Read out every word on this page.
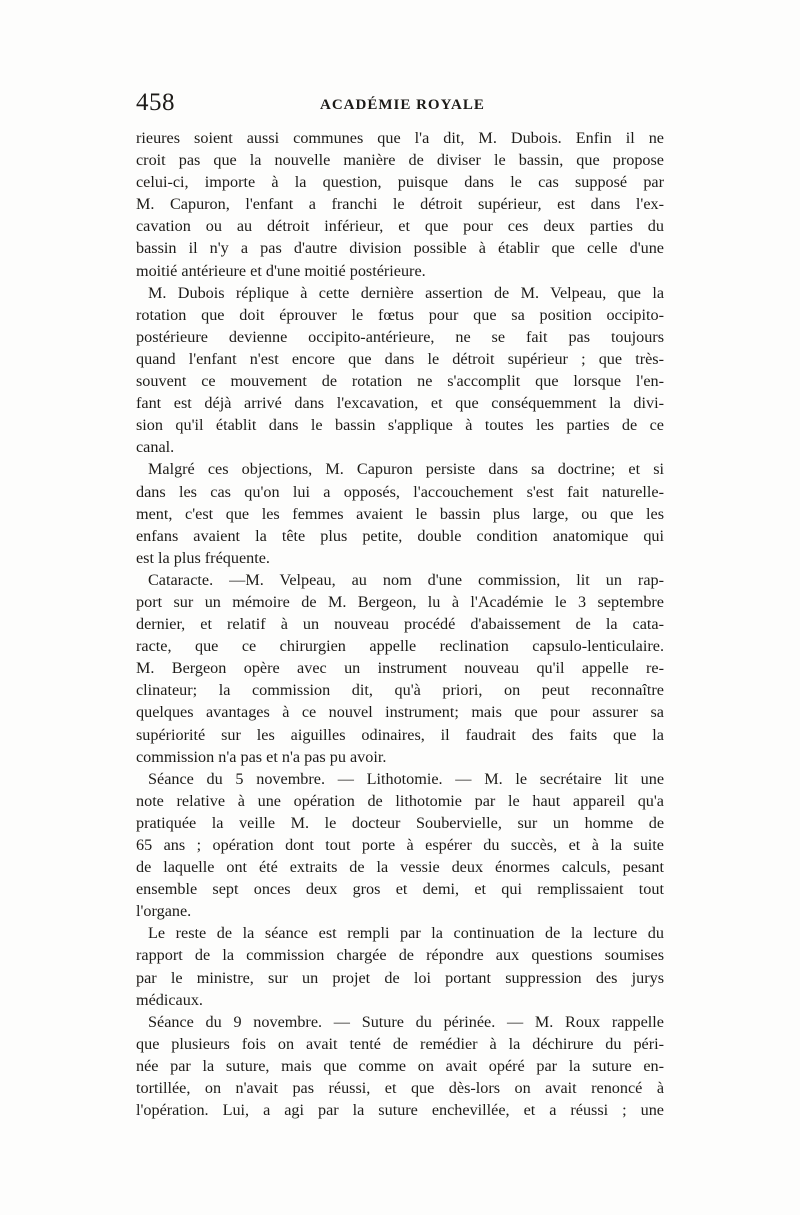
458	ACADÉMIE ROYALE
rieures soient aussi communes que l'a dit, M. Dubois. Enfin il ne
croit pas que la nouvelle manière de diviser le bassin, que propose
celui-ci, importe à la question, puisque dans le cas supposé par
M. Capuron, l'enfant a franchi le détroit supérieur, est dans l'ex-
cavation ou au détroit inférieur, et que pour ces deux parties du
bassin il n'y a pas d'autre division possible à établir que celle d'une
moitié antérieure et d'une moitié postérieure.
M. Dubois réplique à cette dernière assertion de M. Velpeau, que la
rotation que doit éprouver le fœtus pour que sa position occipito-
postérieure devienne occipito-antérieure, ne se fait pas toujours
quand l'enfant n'est encore que dans le détroit supérieur ; que très-
souvent ce mouvement de rotation ne s'accomplit que lorsque l'en-
fant est déjà arrivé dans l'excavation, et que conséquemment la divi-
sion qu'il établit dans le bassin s'applique à toutes les parties de ce
canal.
Malgré ces objections, M. Capuron persiste dans sa doctrine; et si
dans les cas qu'on lui a opposés, l'accouchement s'est fait naturelle-
ment, c'est que les femmes avaient le bassin plus large, ou que les
enfans avaient la tête plus petite, double condition anatomique qui
est la plus fréquente.
Cataracte. —M. Velpeau, au nom d'une commission, lit un rap-
port sur un mémoire de M. Bergeon, lu à l'Académie le 3 septembre
dernier, et relatif à un nouveau procédé d'abaissement de la cata-
racte, que ce chirurgien appelle reclination capsulo-lenticulaire.
M. Bergeon opère avec un instrument nouveau qu'il appelle re-
clinateur; la commission dit, qu'à priori, on peut reconnaître
quelques avantages à ce nouvel instrument; mais que pour assurer sa
supériorité sur les aiguilles odinaires, il faudrait des faits que la
commission n'a pas et n'a pas pu avoir.
Séance du 5 novembre. — Lithotomie. — M. le secrétaire lit une
note relative à une opération de lithotomie par le haut appareil qu'a
pratiquée la veille M. le docteur Soubervielle, sur un homme de
65 ans ; opération dont tout porte à espérer du succès, et à la suite
de laquelle ont été extraits de la vessie deux énormes calculs, pesant
ensemble sept onces deux gros et demi, et qui remplissaient tout
l'organe.
Le reste de la séance est rempli par la continuation de la lecture du
rapport de la commission chargée de répondre aux questions soumises
par le ministre, sur un projet de loi portant suppression des jurys
médicaux.
Séance du 9 novembre. — Suture du périnée. — M. Roux rappelle
que plusieurs fois on avait tenté de remédier à la déchirure du péri-
née par la suture, mais que comme on avait opéré par la suture en-
tortillée, on n'avait pas réussi, et que dès-lors on avait renoncé à
l'opération. Lui, a agi par la suture enchevillée, et a réussi ; une
